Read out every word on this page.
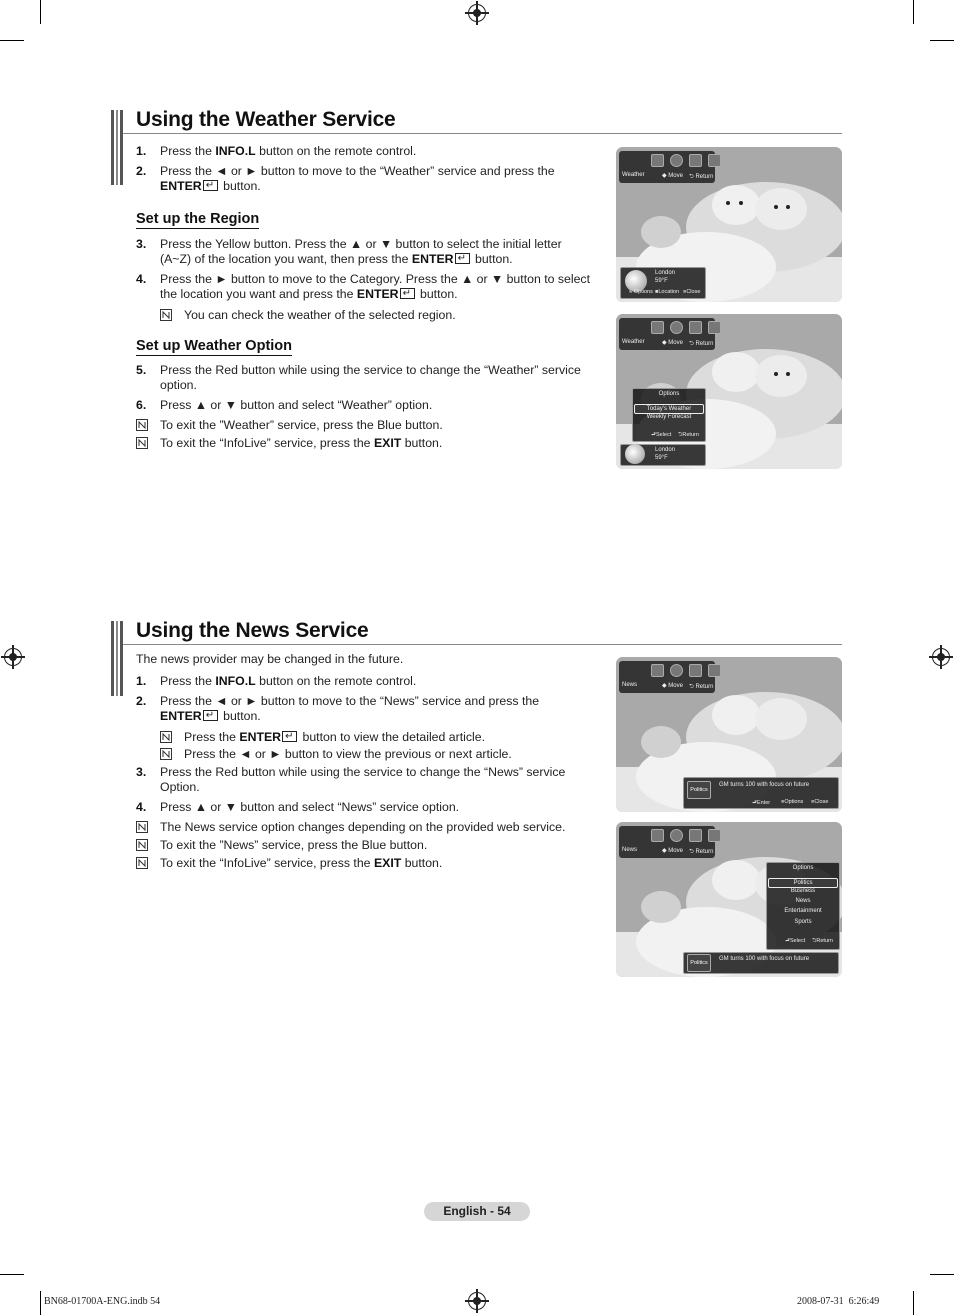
Using the Weather Service
1. Press the INFO.L button on the remote control.
2. Press the ◄ or ► button to move to the “Weather” service and press the
ENTER↵ button.
Set up the Region
3. Press the Yellow button. Press the ▲ or ▼ button to select the initial letter
(A~Z) of the location you want, then press the ENTER↵ button.
4. Press the ► button to move to the Category. Press the ▲ or ▼ button to select
the location you want and press the ENTER↵ button.
You can check the weather of the selected region.
Set up Weather Option
5. Press the Red button while using the service to change the “Weather” service
option.
6. Press ▲ or ▼ button and select “Weather” option.
To exit the ”Weather” service, press the Blue button.
To exit the “InfoLive” service, press the EXIT button.
Weather	◆ Move ⮌ Return
London
59°F
■ Options ■Location ■Close
Weather	◆ Move ⮌ Return
Options
Today's Weather
Weekly Forecast
⮐Select ⮌Return
London
59°F
Using the News Service
The news provider may be changed in the future.
1. Press the INFO.L button on the remote control.
2. Press the ◄ or ► button to move to the “News” service and press the
ENTER↵ button.
Press the ENTER↵ button to view the detailed article.
Press the ◄ or ► button to view the previous or next article.
3. Press the Red button while using the service to change the “News” service
Option.
4. Press ▲ or ▼ button and select “News” service option.
The News service option changes depending on the provided web service.
To exit the ”News” service, press the Blue button.
To exit the “InfoLive” service, press the EXIT button.
News	◆ Move ⮌ Return
Politics
GM turns 100 with focus on future
⮐Enter ■Options ■Close
News	◆ Move ⮌ Return
Options
Politics
Business
News
Entertainment
Sports
⮐Select ⮌Return
Politics
GM turns 100 with focus on future
English - 54
BN68-01700A-ENG.indb 54	2008-07-31 ︎︎ 6:26:49
